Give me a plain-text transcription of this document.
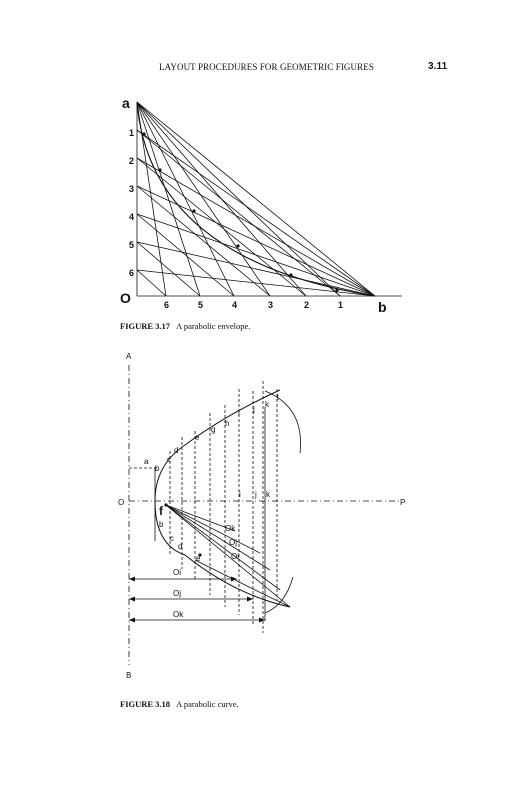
LAYOUT PROCEDURES FOR GEOMETRIC FIGURES	3.11
a
O
b
1
2
3
4
5
6
6	5	4	3	2	1
FIGURE 3.17 A parabolic envelope.
A
B
O	P
f
a
b
c
d
e
g
h
i j
k
l
b
c
d
e
i j k
Oi
Oj
Ok
Ok
Oj
Oi
FIGURE 3.18 A parabolic curve.
